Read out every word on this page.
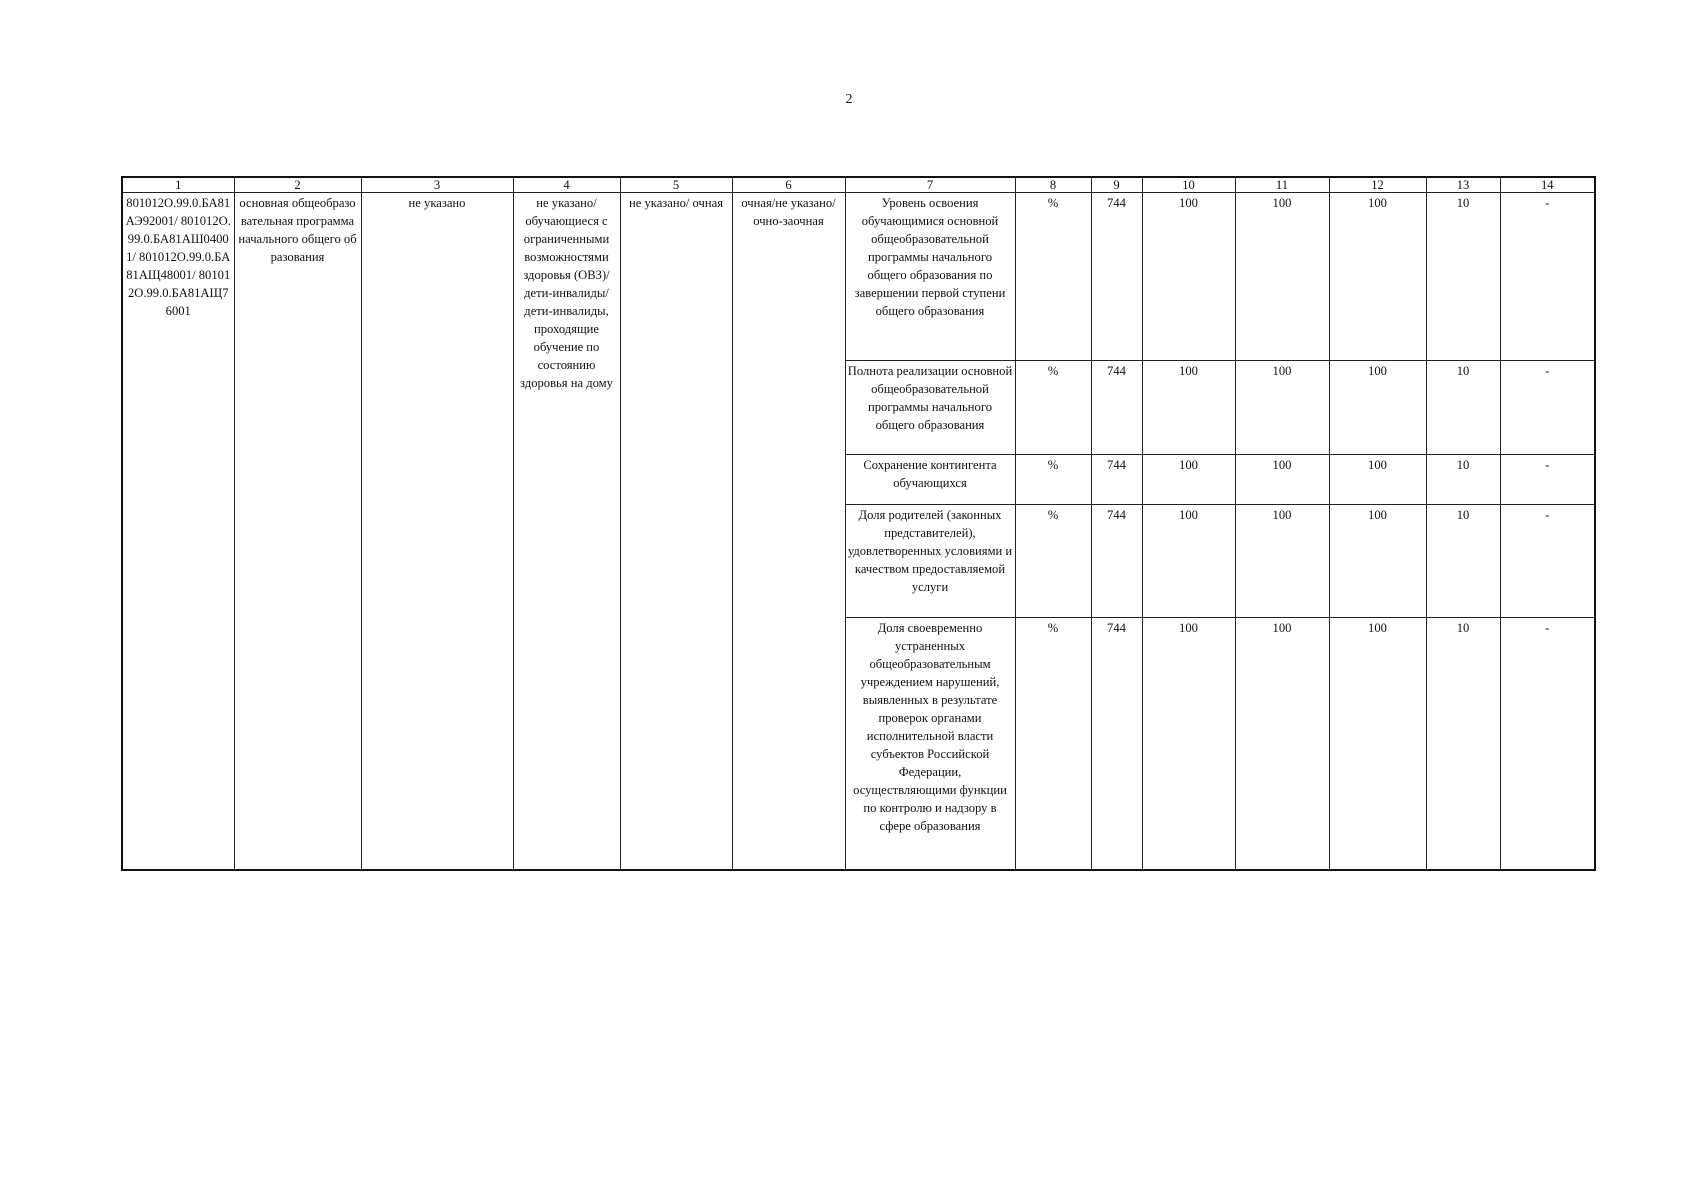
2
1	2	3	4	5	6	7	8	9	10	11	12	13	14
801012О.99.0.БА81АЭ92001/ 801012О.99.0.БА81АШ04001/ 801012О.99.0.БА81АЩ48001/ 801012О.99.0.БА81АЩ76001	основная общеобразовательная программа начального общего образования	не указано	не указано/ обучающиеся с ограниченными возможностями здоровья (ОВЗ)/ дети-инвалиды/ дети-инвалиды, проходящие обучение по состоянию здоровья на дому	не указано/ очная	очная/не указано/ очно-заочная	Уровень освоения обучающимися основной общеобразовательной программы начального общего образования по завершении первой ступени общего образования	%	744	100	100	100	10	-
						Полнота реализации основной общеобразовательной программы начального общего образования	%	744	100	100	100	10	-
						Сохранение контингента обучающихся	%	744	100	100	100	10	-
						Доля родителей (законных представителей), удовлетворенных условиями и качеством предоставляемой услуги	%	744	100	100	100	10	-
						Доля своевременно устраненных общеобразовательным учреждением нарушений, выявленных в результате проверок органами исполнительной власти субъектов Российской Федерации, осуществляющими функции по контролю и надзору в сфере образования	%	744	100	100	100	10	-
